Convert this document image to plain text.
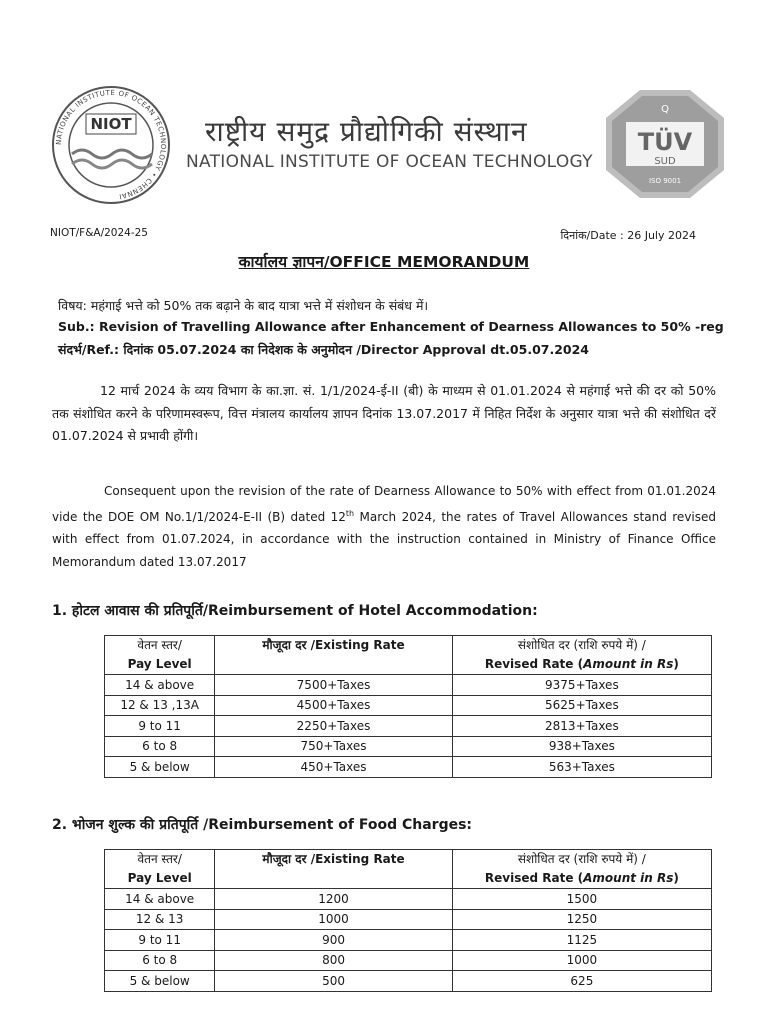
NATIONAL INSTITUTE OF OCEAN TECHNOLOGY • CHENNAI
NIOT
Q
TÜV
SUD
ISO 9001
राष्ट्रीय समुद्र प्रौद्योगिकी संस्थान
NATIONAL INSTITUTE OF OCEAN TECHNOLOGY
NIOT/F&A/2024-25	दिनांक/Date : 26 July 2024
कार्यालय ज्ञापन/OFFICE MEMORANDUM
विषय: महंगाई भत्ते को 50% तक बढ़ाने के बाद यात्रा भत्ते में संशोधन के संबंध में।
Sub.: Revision of Travelling Allowance after Enhancement of Dearness Allowances to 50% -reg
संदर्भ/Ref.: दिनांक 05.07.2024 का निदेशक के अनुमोदन /Director Approval dt.05.07.2024
12 मार्च 2024 के व्यय विभाग के का.ज्ञा. सं. 1/1/2024-ई-II (बी) के माध्यम से 01.01.2024 से महंगाई भत्ते की दर को 50% तक संशोधित करने के परिणामस्वरूप, वित्त मंत्रालय कार्यालय ज्ञापन दिनांक 13.07.2017 में निहित निर्देश के अनुसार यात्रा भत्ते की संशोधित दरें 01.07.2024 से प्रभावी होंगी।
Consequent upon the revision of the rate of Dearness Allowance to 50% with effect from 01.01.2024 vide the DOE OM No.1/1/2024-E-II (B) dated 12th March 2024, the rates of Travel Allowances stand revised with effect from 01.07.2024, in accordance with the instruction contained in Ministry of Finance Office Memorandum dated 13.07.2017
1. होटल आवास की प्रतिपूर्ति/Reimbursement of Hotel Accommodation:
वेतन स्तर/
Pay Level	मौजूदा दर /Existing Rate	संशोधित दर (राशि रुपये में) /
Revised Rate (Amount in Rs)
14 & above	7500+Taxes	9375+Taxes
12 & 13 ,13A	4500+Taxes	5625+Taxes
9 to 11	2250+Taxes	2813+Taxes
6 to 8	750+Taxes	938+Taxes
5 & below	450+Taxes	563+Taxes
2. भोजन शुल्क की प्रतिपूर्ति /Reimbursement of Food Charges:
वेतन स्तर/
Pay Level	मौजूदा दर /Existing Rate	संशोधित दर (राशि रुपये में) /
Revised Rate (Amount in Rs)
14 & above	1200	1500
12 & 13	1000	1250
9 to 11	900	1125
6 to 8	800	1000
5 & below	500	625
